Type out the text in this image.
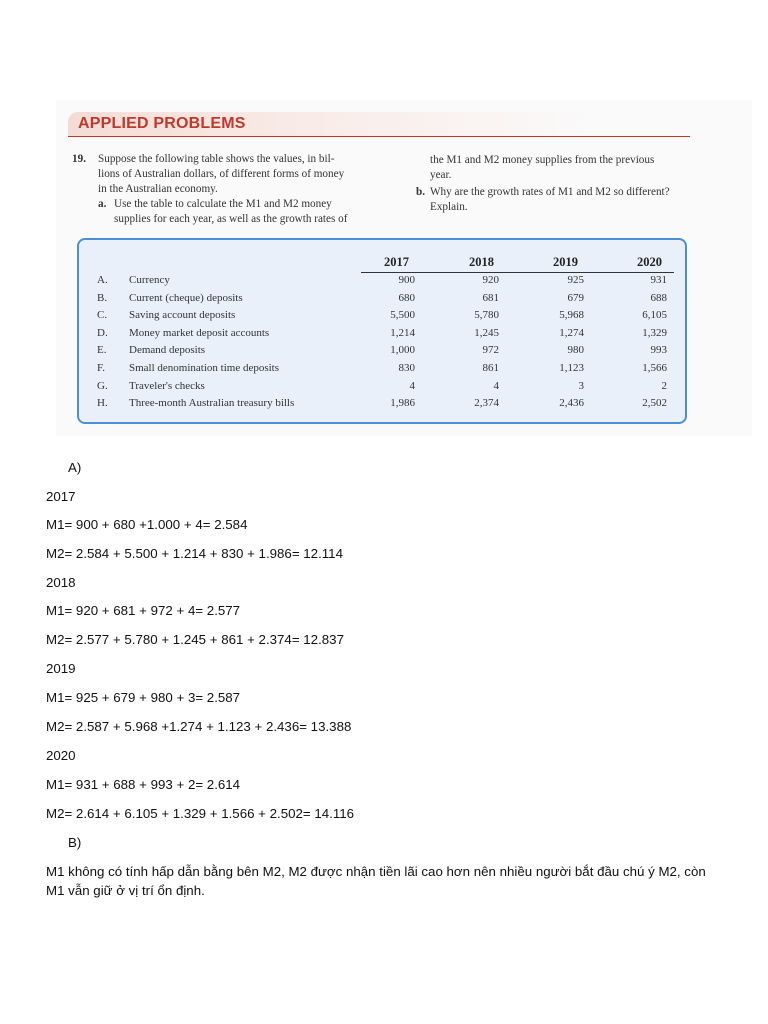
APPLIED PROBLEMS
19. Suppose the following table shows the values, in bil-
lions of Australian dollars, of different forms of money
in the Australian economy.
a. Use the table to calculate the M1 and M2 money
supplies for each year, as well as the growth rates of
the M1 and M2 money supplies from the previous
year.
b. Why are the growth rates of M1 and M2 so different?
Explain.
2017	2018	2019	2020
A. Currency	900	920	925	931
B. Current (cheque) deposits	680	681	679	688
C. Saving account deposits	5,500	5,780	5,968	6,105
D. Money market deposit accounts	1,214	1,245	1,274	1,329
E. Demand deposits	1,000	972	980	993
F. Small denomination time deposits	830	861	1,123	1,566
G. Traveler's checks	4	4	3	2
H. Three-month Australian treasury bills	1,986	2,374	2,436	2,502
A)
2017
M1= 900 + 680 +1.000 + 4= 2.584
M2= 2.584 + 5.500 + 1.214 + 830 + 1.986= 12.114
2018
M1= 920 + 681 + 972 + 4= 2.577
M2= 2.577 + 5.780 + 1.245 + 861 + 2.374= 12.837
2019
M1= 925 + 679 + 980 + 3= 2.587
M2= 2.587 + 5.968 +1.274 + 1.123 + 2.436= 13.388
2020
M1= 931 + 688 + 993 + 2= 2.614
M2= 2.614 + 6.105 + 1.329 + 1.566 + 2.502= 14.116
B)
M1 không có tính hấp dẫn bằng bên M2, M2 được nhận tiền lãi cao hơn nên nhiều người bắt đầu chú ý M2, còn M1 vẫn giữ ở vị trí ổn định.
